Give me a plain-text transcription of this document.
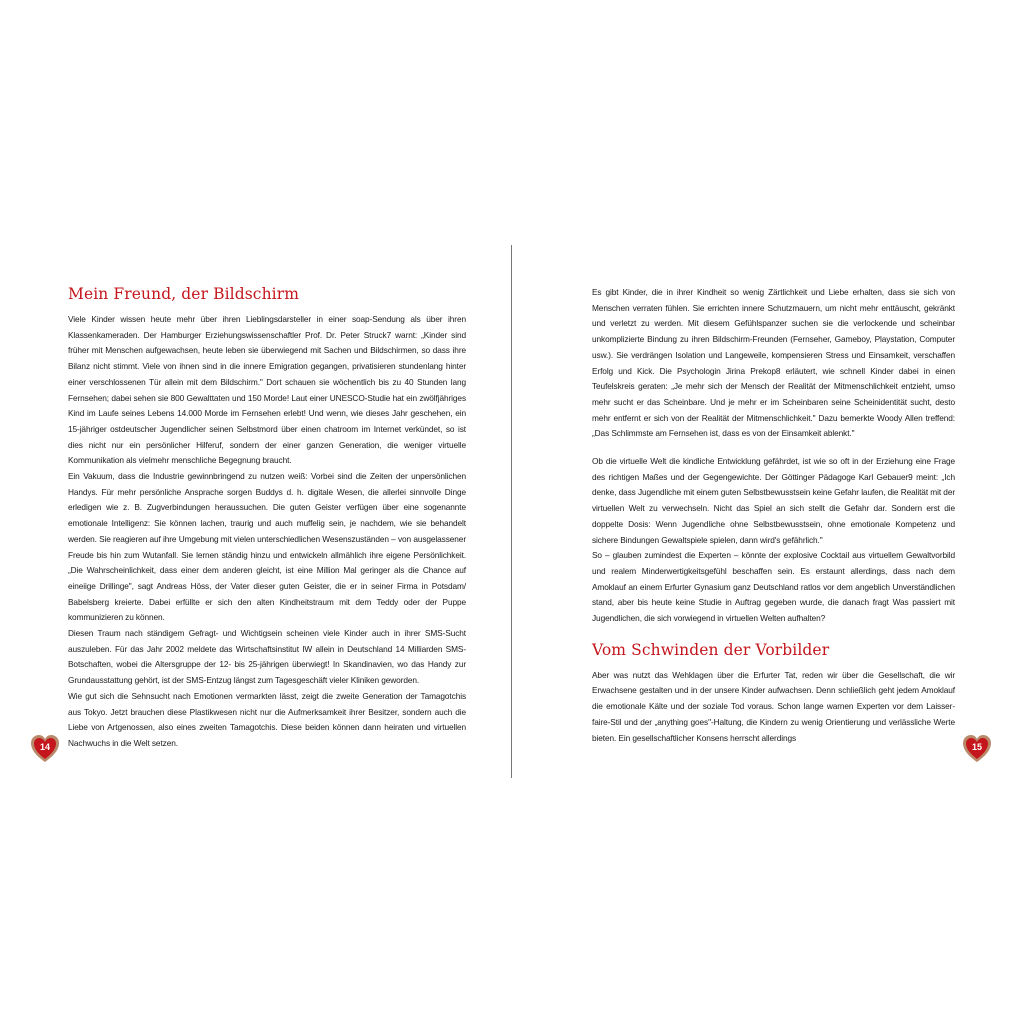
Mein Freund, der Bildschirm

Viele Kinder wissen heute mehr über ihren Lieblingsdarsteller in einer soap-Sendung als über ihren Klassenkameraden. Der Hamburger Erziehungswissenschaftler Prof. Dr. Peter Struck7 warnt: „Kinder sind früher mit Menschen aufgewachsen, heute leben sie überwiegend mit Sachen und Bildschirmen, so dass ihre Bilanz nicht stimmt. Viele von ihnen sind in die innere Emigration gegangen, privatisieren stundenlang hinter einer verschlossenen Tür allein mit dem Bildschirm." Dort schauen sie wöchentlich bis zu 40 Stunden lang Fernsehen; dabei sehen sie 800 Gewalttaten und 150 Morde! Laut einer UNESCO-Studie hat ein zwölfjähriges Kind im Laufe seines Lebens 14.000 Morde im Fernsehen erlebt! Und wenn, wie dieses Jahr geschehen, ein 15-jähriger ostdeutscher Jugendlicher seinen Selbstmord über einen chatroom im Internet verkündet, so ist dies nicht nur ein persönlicher Hilferuf, sondern der einer ganzen Generation, die weniger virtuelle Kommunikation als vielmehr menschliche Begegnung braucht.

Ein Vakuum, dass die Industrie gewinnbringend zu nutzen weiß: Vorbei sind die Zeiten der unpersönlichen Handys. Für mehr persönliche Ansprache sorgen Buddys d. h. digitale Wesen, die allerlei sinnvolle Dinge erledigen wie z. B. Zugverbindungen heraussuchen. Die guten Geister verfügen über eine sogenannte emotionale Intelligenz: Sie können lachen, traurig und auch muffelig sein, je nachdem, wie sie behandelt werden. Sie reagieren auf ihre Umgebung mit vielen unterschiedlichen Wesenszuständen – von ausgelassener Freude bis hin zum Wutanfall. Sie lernen ständig hinzu und entwickeln allmählich ihre eigene Persönlichkeit. „Die Wahrscheinlichkeit, dass einer dem anderen gleicht, ist eine Million Mal geringer als die Chance auf eineiige Drillinge", sagt Andreas Höss, der Vater dieser guten Geister, die er in seiner Firma in Potsdam/ Babelsberg kreierte. Dabei erfüllte er sich den alten Kindheitstraum mit dem Teddy oder der Puppe kommunizieren zu können.

Diesen Traum nach ständigem Gefragt- und Wichtigsein scheinen viele Kinder auch in ihrer SMS-Sucht auszuleben. Für das Jahr 2002 meldete das Wirtschaftsinstitut IW allein in Deutschland 14 Milliarden SMS-Botschaften, wobei die Altersgruppe der 12- bis 25-jährigen überwiegt! In Skandinavien, wo das Handy zur Grundausstattung gehört, ist der SMS-Entzug längst zum Tagesgeschäft vieler Kliniken geworden.

Wie gut sich die Sehnsucht nach Emotionen vermarkten lässt, zeigt die zweite Generation der Tamagotchis aus Tokyo. Jetzt brauchen diese Plastikwesen nicht nur die Aufmerksamkeit ihrer Besitzer, sondern auch die Liebe von Artgenossen, also eines zweiten Tamagotchis. Diese beiden können dann heiraten und virtuellen Nachwuchs in die Welt setzen.

Es gibt Kinder, die in ihrer Kindheit so wenig Zärtlichkeit und Liebe erhalten, dass sie sich von Menschen verraten fühlen. Sie errichten innere Schutzmauern, um nicht mehr enttäuscht, gekränkt und verletzt zu werden. Mit diesem Gefühlspanzer suchen sie die verlockende und scheinbar unkomplizierte Bindung zu ihren Bildschirm-Freunden (Fernseher, Gameboy, Playstation, Computer usw.). Sie verdrängen Isolation und Langeweile, kompensieren Stress und Einsamkeit, verschaffen Erfolg und Kick. Die Psychologin Jirina Prekop8 erläutert, wie schnell Kinder dabei in einen Teufelskreis geraten: „Je mehr sich der Mensch der Realität der Mitmenschlichkeit entzieht, umso mehr sucht er das Scheinbare. Und je mehr er im Scheinbaren seine Scheinidentität sucht, desto mehr entfernt er sich von der Realität der Mitmenschlichkeit." Dazu bemerkte Woody Allen treffend: „Das Schlimmste am Fernsehen ist, dass es von der Einsamkeit ablenkt."

Ob die virtuelle Welt die kindliche Entwicklung gefährdet, ist wie so oft in der Erziehung eine Frage des richtigen Maßes und der Gegengewichte. Der Göttinger Pädagoge Karl Gebauer9 meint: „Ich denke, dass Jugendliche mit einem guten Selbstbewusstsein keine Gefahr laufen, die Realität mit der virtuellen Welt zu verwechseln. Nicht das Spiel an sich stellt die Gefahr dar. Sondern erst die doppelte Dosis: Wenn Jugendliche ohne Selbstbewusstsein, ohne emotionale Kompetenz und sichere Bindungen Gewaltspiele spielen, dann wird's gefährlich."

So – glauben zumindest die Experten – könnte der explosive Cocktail aus virtuellem Gewaltvorbild und realem Minderwertigkeitsgefühl beschaffen sein. Es erstaunt allerdings, dass nach dem Amoklauf an einem Erfurter Gynasium ganz Deutschland ratlos vor dem angeblich Unverständlichen stand, aber bis heute keine Studie in Auftrag gegeben wurde, die danach fragt Was passiert mit Jugendlichen, die sich vorwiegend in virtuellen Welten aufhalten?

Vom Schwinden der Vorbilder

Aber was nutzt das Wehklagen über die Erfurter Tat, reden wir über die Gesellschaft, die wir Erwachsene gestalten und in der unsere Kinder aufwachsen. Denn schließlich geht jedem Amoklauf die emotionale Kälte und der soziale Tod voraus. Schon lange warnen Experten vor dem Laisser- faire-Stil und der „anything goes"-Haltung, die Kindern zu wenig Orientierung und verlässliche Werte bieten. Ein gesellschaftlicher Konsens herrscht allerdings

14	15
